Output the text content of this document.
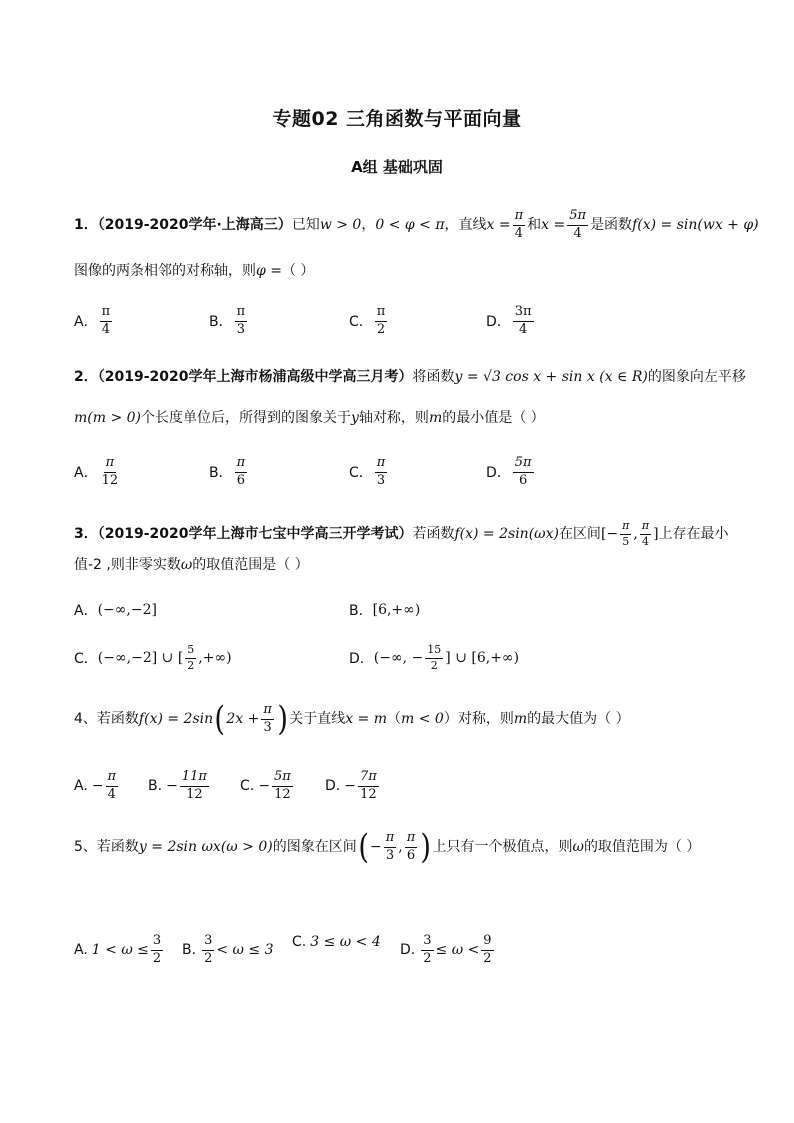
专题02 三角函数与平面向量
A组 基础巩固
1．（2019-2020学年·上海高三） 已知 w > 0 ， 0 < φ < π ，直线 $x = \frac{\pi}{4}$ 和 $x = \frac{5\pi}{4}$ 是函数 f(x) = sin(wx + φ)
图像的两条相邻的对称轴，则 φ = （ ）
A． $\frac{\pi}{4}$	B． $\frac{\pi}{3}$	C． $\frac{\pi}{2}$	D． $\frac{3\pi}{4}$
2．（2019-2020学年上海市杨浦高级中学高三月考） 将函数 y = √3 cos x + sin x (x ∈ R) 的图象向左平移
m(m > 0) 个长度单位后，所得到的图象关于 y 轴对称，则 m 的最小值是（ ）
A． $\frac{\pi}{12}$	B． $\frac{\pi}{6}$	C． $\frac{\pi}{3}$	D． $\frac{5\pi}{6}$
3．（2019-2020学年上海市七宝中学高三开学考试） 若函数 f(x) = 2sin(ωx) 在区间 [− $\frac{\pi}{5}$ , $\frac{\pi}{4}$ ] 上存在最小
值-2 ,则非零实数 ω 的取值范围是（ ）
A． (−∞,−2]	B． [6,+∞)
C． (−∞,−2] ∪ [ $\frac{5}{2}$ ,+∞)	D． (−∞, − $\frac{15}{2}$ ] ∪ [6,+∞)
4、若函数 f(x) = 2sin ( $2x + \frac{\pi}{3}$ ) 关于直线 x = m （ m < 0 ）对称，则 m 的最大值为（ ）
A. − $\frac{\pi}{4} B$. − $\frac{11\pi}{12} C$. − $\frac{5\pi}{12} D$. − $\frac{7\pi}{12}$
5、若函数 y = 2sin ωx (ω > 0) 的图象在区间 ( − $\frac{\pi}{3}$ , $\frac{\pi}{6}$ ) 上只有一个极值点，则 ω 的取值范围为（ ）
A. $1 < \omega \le \frac{3}{2} B$. $\frac{3}{2} < \omega \le 3$
C. 3 ≤ ω < 4
D. $\frac{3}{2} \le \omega < \frac{9}{2}$
